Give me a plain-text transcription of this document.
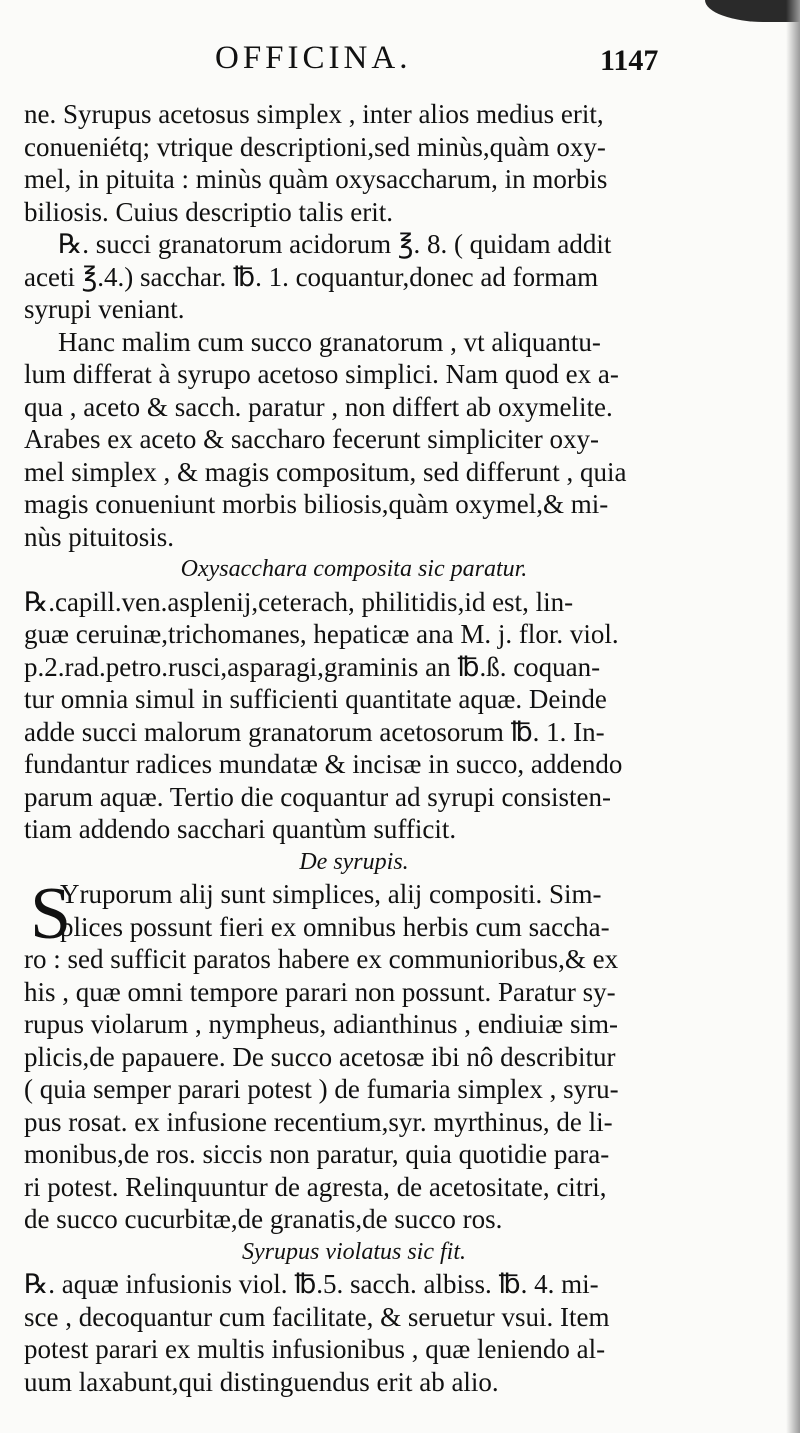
OFFICINA.	1147
ne. Syrupus acetosus simplex , inter alios medius erit,
conueniétq; vtrique descriptioni,sed minùs,quàm oxy-
mel, in pituita : minùs quàm oxysaccharum, in morbis
biliosis. Cuius descriptio talis erit.
℞. succi granatorum acidorum ℥. 8. ( quidam addit
aceti ℥.4.) sacchar. ℔. 1. coquantur,donec ad formam
syrupi veniant.
Hanc malim cum succo granatorum , vt aliquantu-
lum differat à syrupo acetoso simplici. Nam quod ex a-
qua , aceto & sacch. paratur , non differt ab oxymelite.
Arabes ex aceto & saccharo fecerunt simpliciter oxy-
mel simplex , & magis compositum, sed differunt , quia
magis conueniunt morbis biliosis,quàm oxymel,& mi-
nùs pituitosis.
Oxysacchara composita sic paratur.
℞.capill.ven.asplenij,ceterach, philitidis,id est, lin-
guæ ceruinæ,trichomanes, hepaticæ ana M. j. flor. viol.
p.2.rad.petro.rusci,asparagi,graminis an ℔.ß. coquan-
tur omnia simul in sufficienti quantitate aquæ. Deinde
adde succi malorum granatorum acetosorum ℔. 1. In-
fundantur radices mundatæ & incisæ in succo, addendo
parum aquæ. Tertio die coquantur ad syrupi consisten-
tiam addendo sacchari quantùm sufficit.
De syrupis.
S
Yruporum alij sunt simplices, alij compositi. Sim-
plices possunt fieri ex omnibus herbis cum saccha-
ro : sed sufficit paratos habere ex communioribus,& ex
his , quæ omni tempore parari non possunt. Paratur sy-
rupus violarum , nympheus, adianthinus , endiuiæ sim-
plicis,de papauere. De succo acetosæ ibi nô describitur
( quia semper parari potest ) de fumaria simplex , syru-
pus rosat. ex infusione recentium,syr. myrthinus, de li-
monibus,de ros. siccis non paratur, quia quotidie para-
ri potest. Relinquuntur de agresta, de acetositate, citri,
de succo cucurbitæ,de granatis,de succo ros.
Syrupus violatus sic fit.
℞. aquæ infusionis viol. ℔.5. sacch. albiss. ℔. 4. mi-
sce , decoquantur cum facilitate, & seruetur vsui. Item
potest parari ex multis infusionibus , quæ leniendo al-
uum laxabunt,qui distinguendus erit ab alio.
